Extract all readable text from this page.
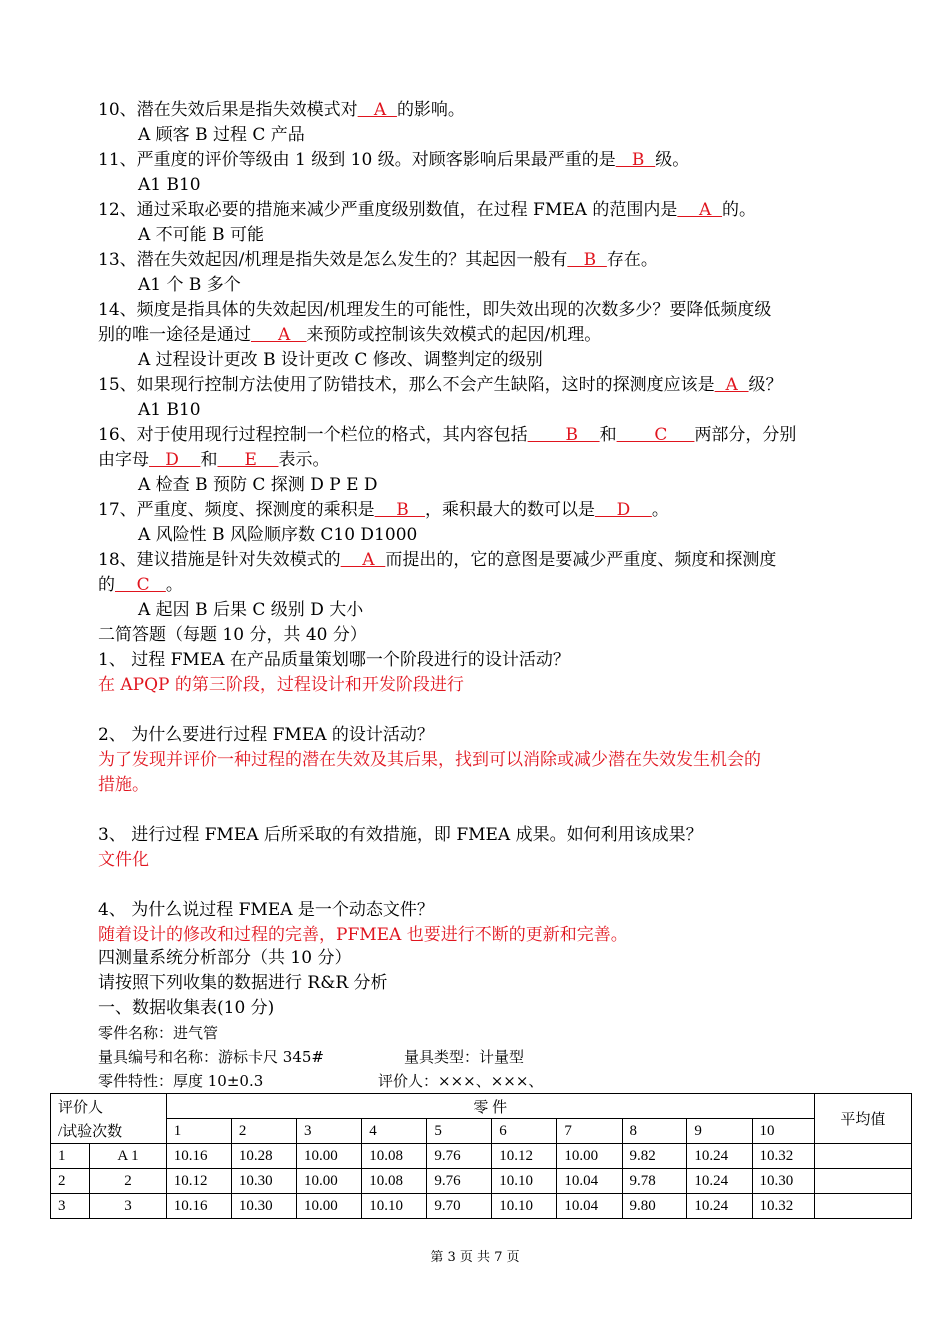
10、潜在失效后果是指失效模式对   A  的影响。
A 顾客 B 过程 C 产品
11、严重度的评价等级由 1 级到 10 级。对顾客影响后果最严重的是   B  级。
A1 B10
12、通过采取必要的措施来减少严重度级别数值，在过程 FMEA 的范围内是    A  的。
A 不可能 B 可能
13、潜在失效起因/机理是指失效是怎么发生的？其起因一般有   B  存在。
A1 个 B 多个
14、频度是指具体的失效起因/机理发生的可能性，即失效出现的次数多少？要降低频度级
别的唯一途径是通过     A   来预防或控制该失效模式的起因/机理。
A 过程设计更改 B 设计更改 C 修改、调整判定的级别
15、如果现行控制方法使用了防错技术，那么不会产生缺陷，这时的探测度应该是  A  级？
A1 B10
16、对于使用现行过程控制一个栏位的格式，其内容包括       B    和       C     两部分，分别
由字母   D    和     E    表示。
A 检查 B 预防 C 探测 D P E D
17、严重度、频度、探测度的乘积是    B   ，乘积最大的数可以是    D    。
A 风险性 B 风险顺序数 C10 D1000
18、建议措施是针对失效模式的    A  而提出的，它的意图是要减少严重度、频度和探测度
的    C   。
A 起因 B 后果 C 级别 D 大小
二简答题（每题 10 分，共 40 分）
1、 过程 FMEA 在产品质量策划哪一个阶段进行的设计活动？
在 APQP 的第三阶段，过程设计和开发阶段进行
2、 为什么要进行过程 FMEA 的设计活动？
为了发现并评价一种过程的潜在失效及其后果，找到可以消除或减少潜在失效发生机会的
措施。
3、 进行过程 FMEA 后所采取的有效措施，即 FMEA 成果。如何利用该成果？
文件化
4、 为什么说过程 FMEA 是一个动态文件？
随着设计的修改和过程的完善，PFMEA 也要进行不断的更新和完善。
四测量系统分析部分（共 10 分）
请按照下列收集的数据进行 R&R 分析
一、数据收集表(10 分)
零件名称：进气管
量具编号和名称：游标卡尺 345#	量具类型：计量型
零件特性：厚度 10±0.3	评价人：×××、×××、
评价人		零 件										平均值
/试验次数		1	2	3	4	5	6	7	8	9	10	
1	A 1	10.16	10.28	10.00	10.08	9.76	10.12	10.00	9.82	10.24	10.32	
2	2	10.12	10.30	10.00	10.08	9.76	10.10	10.04	9.78	10.24	10.30	
3	3	10.16	10.30	10.00	10.10	9.70	10.10	10.04	9.80	10.24	10.32	
第 3 页 共 7 页
